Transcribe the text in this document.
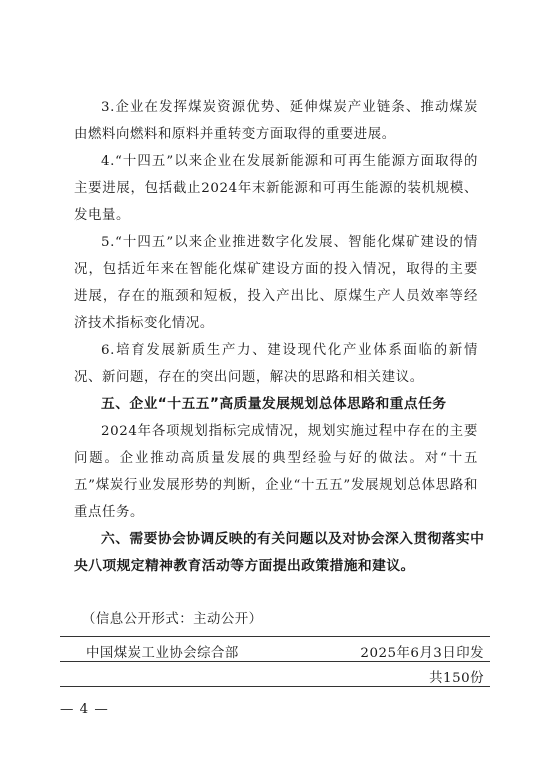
3.企业在发挥煤炭资源优势、延伸煤炭产业链条、推动煤炭由燃料向燃料和原料并重转变方面取得的重要进展。

4.“十四五”以来企业在发展新能源和可再生能源方面取得的主要进展，包括截止2024年末新能源和可再生能源的装机规模、发电量。

5.“十四五”以来企业推进数字化发展、智能化煤矿建设的情况，包括近年来在智能化煤矿建设方面的投入情况，取得的主要进展，存在的瓶颈和短板，投入产出比、原煤生产人员效率等经济技术指标变化情况。

6.培育发展新质生产力、建设现代化产业体系面临的新情况、新问题，存在的突出问题，解决的思路和相关建议。

五、企业“十五五”高质量发展规划总体思路和重点任务

2024年各项规划指标完成情况，规划实施过程中存在的主要问题。企业推动高质量发展的典型经验与好的做法。对“十五五”煤炭行业发展形势的判断，企业“十五五”发展规划总体思路和重点任务。

六、需要协会协调反映的有关问题以及对协会深入贯彻落实中央八项规定精神教育活动等方面提出政策措施和建议。

（信息公开形式：主动公开）
中国煤炭工业协会综合部	2025年6月3日印发
共150份
— 4 —
